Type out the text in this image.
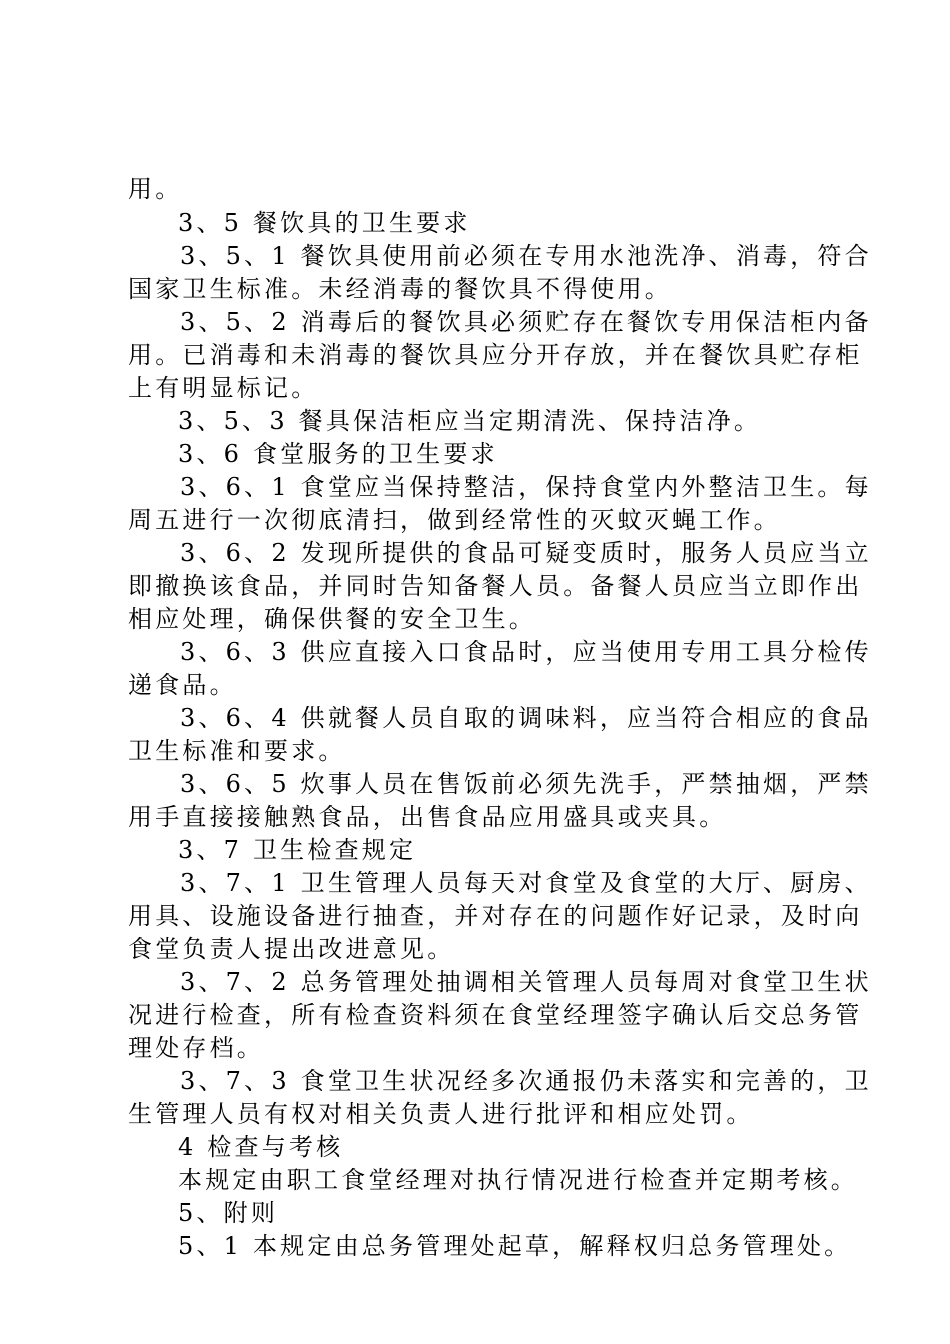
用。
3、5 餐饮具的卫生要求
3、5、1 餐饮具使用前必须在专用水池洗净、消毒，符合
国家卫生标准。未经消毒的餐饮具不得使用。
3、5、2 消毒后的餐饮具必须贮存在餐饮专用保洁柜内备
用。已消毒和未消毒的餐饮具应分开存放，并在餐饮具贮存柜
上有明显标记。
3、5、3 餐具保洁柜应当定期清洗、保持洁净。
3、6 食堂服务的卫生要求
3、6、1 食堂应当保持整洁，保持食堂内外整洁卫生。每
周五进行一次彻底清扫，做到经常性的灭蚊灭蝇工作。
3、6、2 发现所提供的食品可疑变质时，服务人员应当立
即撤换该食品，并同时告知备餐人员。备餐人员应当立即作出
相应处理，确保供餐的安全卫生。
3、6、3 供应直接入口食品时，应当使用专用工具分检传
递食品。
3、6、4 供就餐人员自取的调味料，应当符合相应的食品
卫生标准和要求。
3、6、5 炊事人员在售饭前必须先洗手，严禁抽烟，严禁
用手直接接触熟食品，出售食品应用盛具或夹具。
3、7 卫生检查规定
3、7、1 卫生管理人员每天对食堂及食堂的大厅、厨房、
用具、设施设备进行抽查，并对存在的问题作好记录，及时向
食堂负责人提出改进意见。
3、7、2 总务管理处抽调相关管理人员每周对食堂卫生状
况进行检查，所有检查资料须在食堂经理签字确认后交总务管
理处存档。
3、7、3 食堂卫生状况经多次通报仍未落实和完善的，卫
生管理人员有权对相关负责人进行批评和相应处罚。
4 检查与考核
本规定由职工食堂经理对执行情况进行检查并定期考核。
5、附则
5、1 本规定由总务管理处起草，解释权归总务管理处。
